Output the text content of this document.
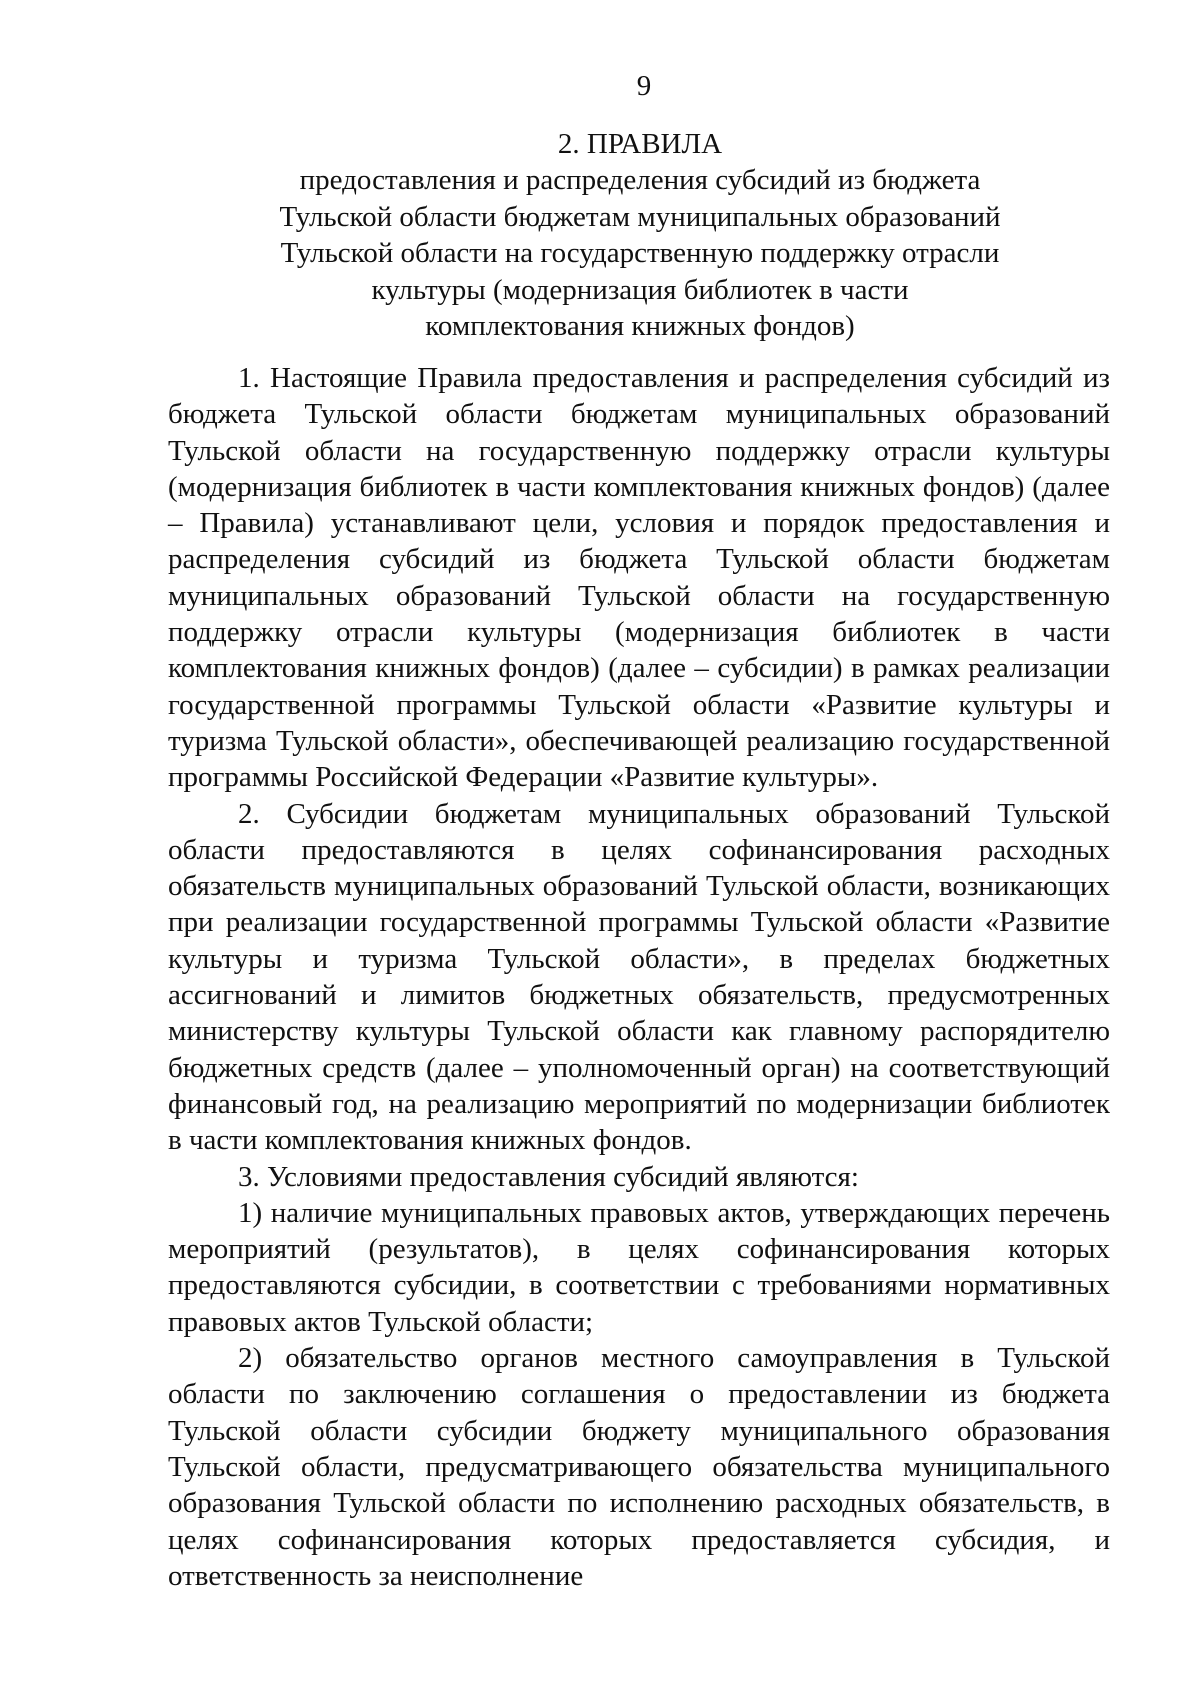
9
2. ПРАВИЛА
предоставления и распределения субсидий из бюджета
Тульской области бюджетам муниципальных образований
Тульской области на государственную поддержку отрасли
культуры (модернизация библиотек в части
комплектования книжных фондов)

1. Настоящие Правила предоставления и распределения субсидий из бюджета Тульской области бюджетам муниципальных образований Тульской области на государственную поддержку отрасли культуры (модернизация библиотек в части комплектования книжных фондов) (далее – Правила) устанавливают цели, условия и порядок предоставления и распределения субсидий из бюджета Тульской области бюджетам муниципальных образований Тульской области на государственную поддержку отрасли культуры (модернизация библиотек в части комплектования книжных фондов) (далее – субсидии) в рамках реализации государственной программы Тульской области «Развитие культуры и туризма Тульской области», обеспечивающей реализацию государственной программы Российской Федерации «Развитие культуры».

2. Субсидии бюджетам муниципальных образований Тульской области предоставляются в целях софинансирования расходных обязательств муниципальных образований Тульской области, возникающих при реализации государственной программы Тульской области «Развитие культуры и туризма Тульской области», в пределах бюджетных ассигнований и лимитов бюджетных обязательств, предусмотренных министерству культуры Тульской области как главному распорядителю бюджетных средств (далее – уполномоченный орган) на соответствующий финансовый год, на реализацию мероприятий по модернизации библиотек в части комплектования книжных фондов.

3. Условиями предоставления субсидий являются:

1) наличие муниципальных правовых актов, утверждающих перечень мероприятий (результатов), в целях софинансирования которых предоставляются субсидии, в соответствии с требованиями нормативных правовых актов Тульской области;

2) обязательство органов местного самоуправления в Тульской области по заключению соглашения о предоставлении из бюджета Тульской области субсидии бюджету муниципального образования Тульской области, предусматривающего обязательства муниципального образования Тульской области по исполнению расходных обязательств, в целях софинансирования которых предоставляется субсидия, и ответственность за неисполнение
